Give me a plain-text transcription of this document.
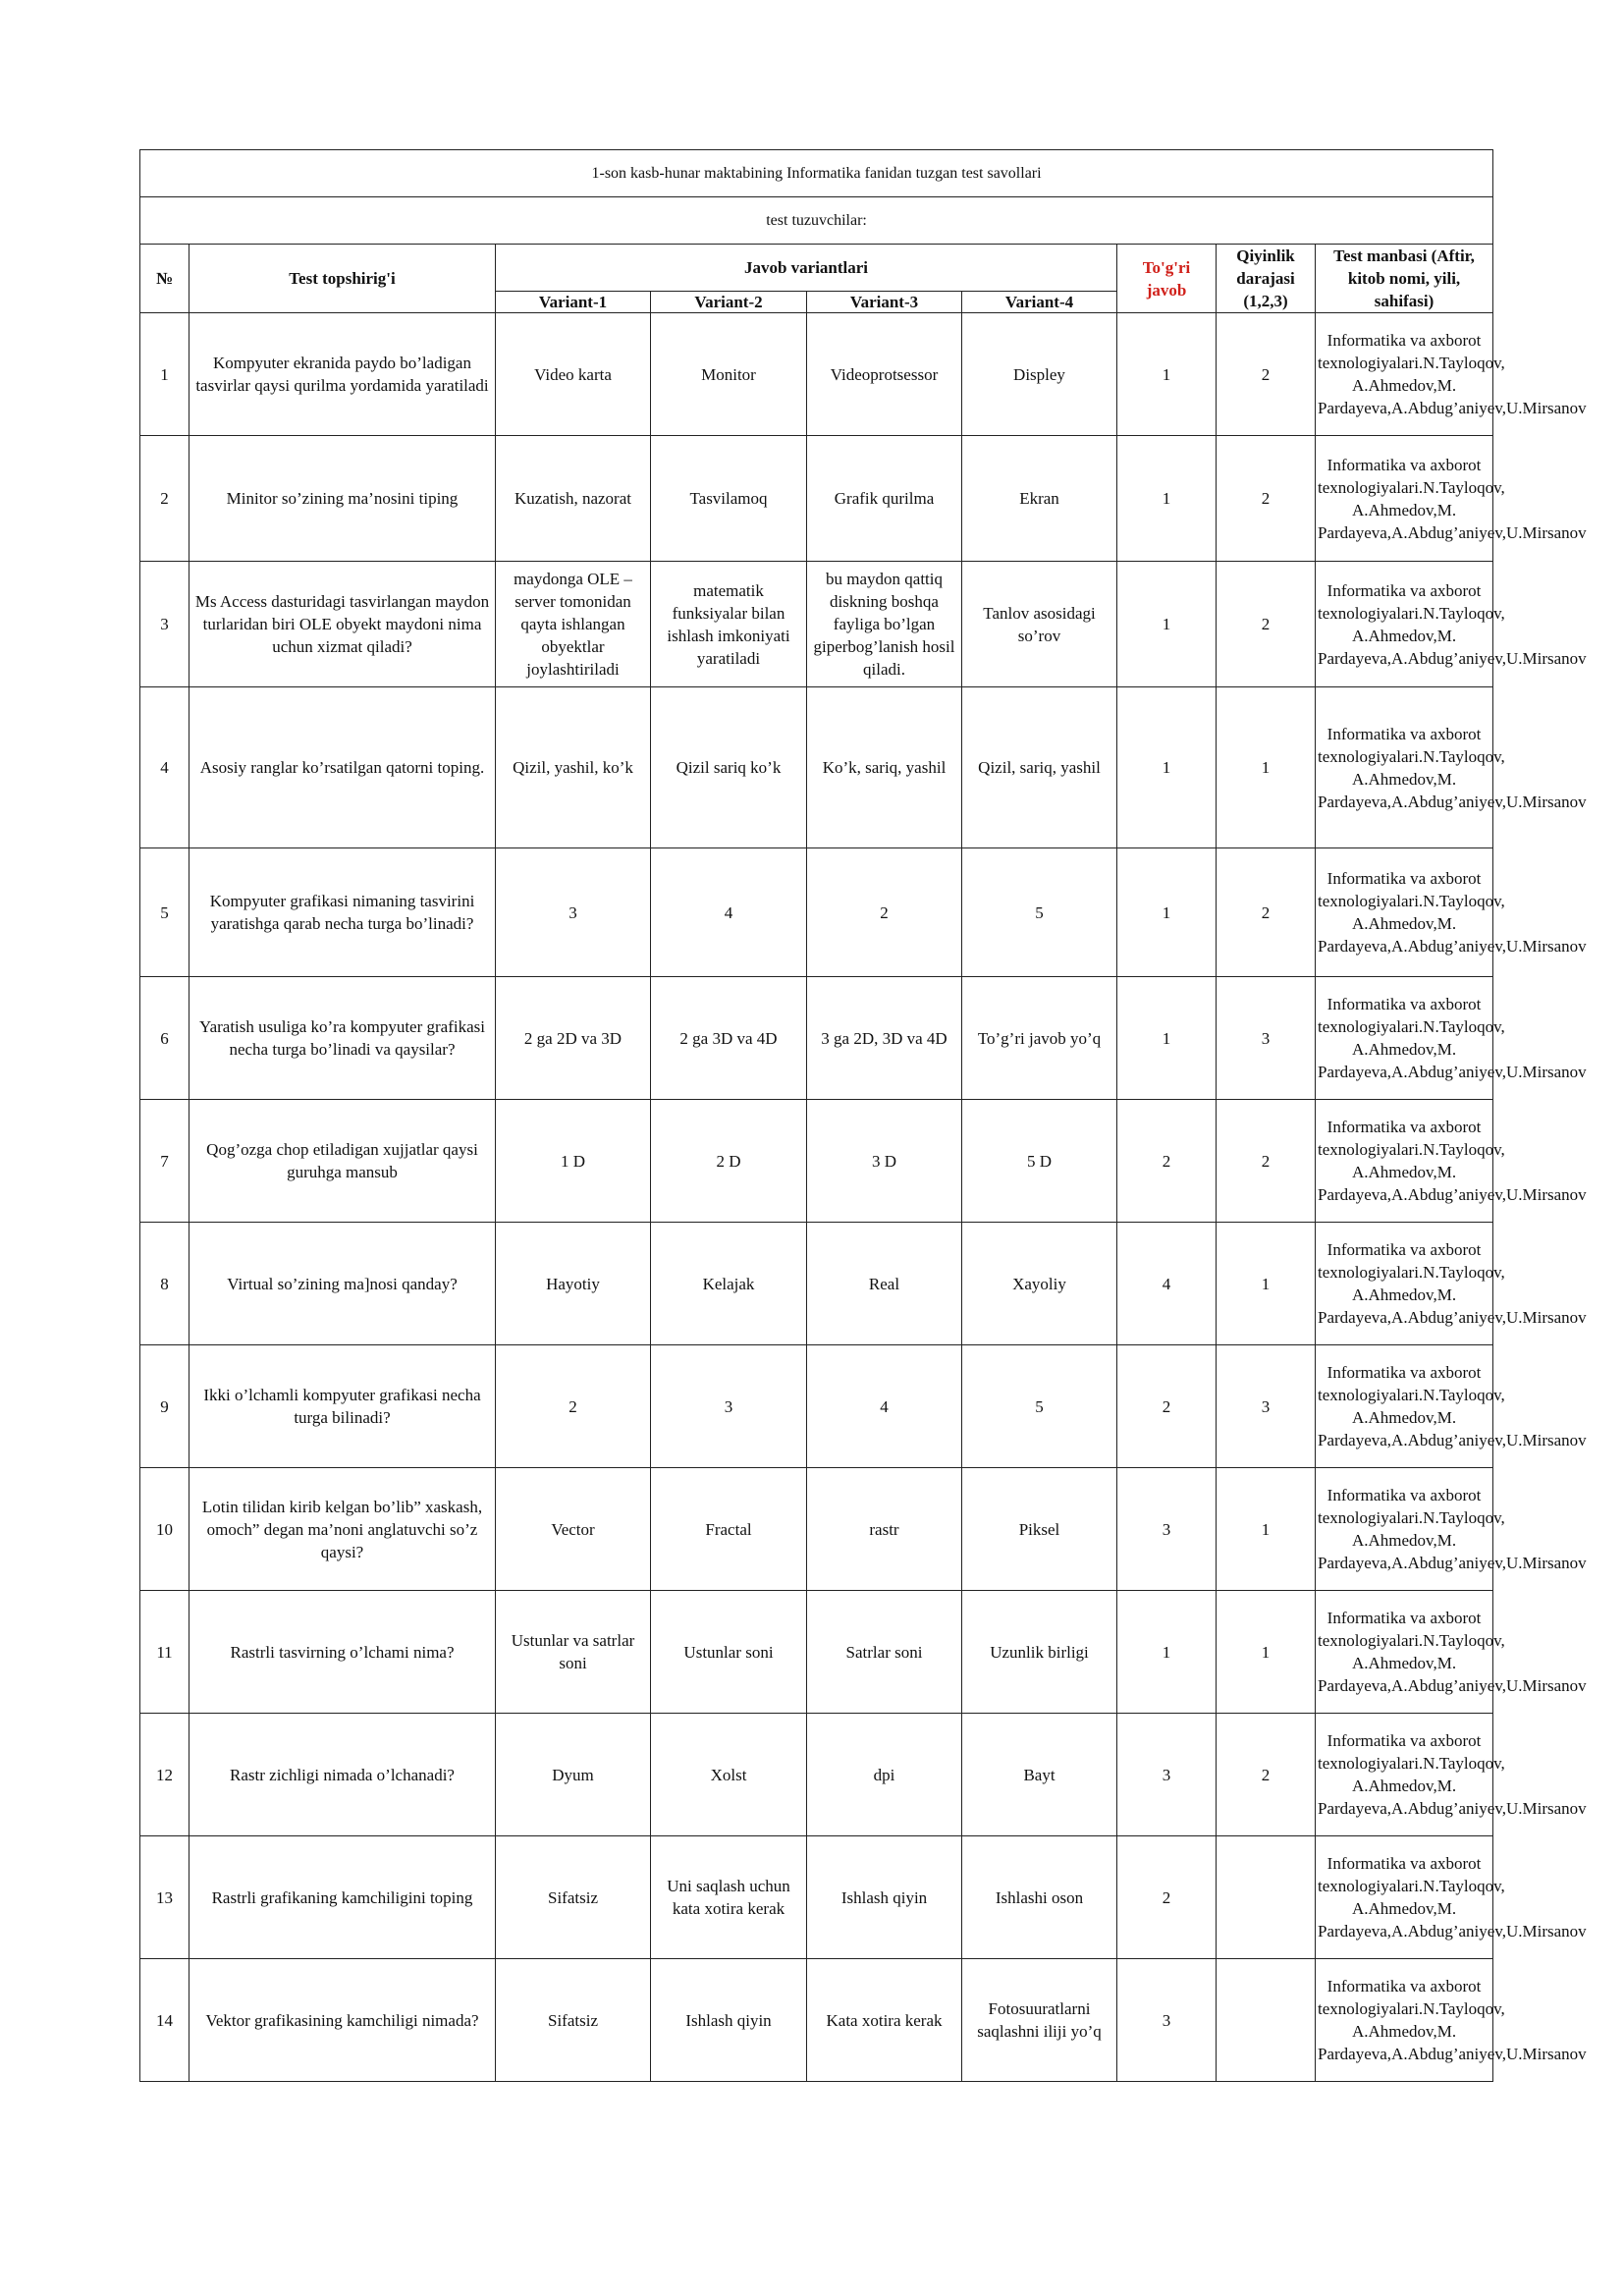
1-son kasb-hunar maktabining Informatika fanidan tuzgan test savollari								
test tuzuvchilar:								
№	Test topshirig'i	Javob variantlari				To'g'ri javob	Qiyinlik darajasi (1,2,3)	Test manbasi (Aftir, kitob nomi, yili, sahifasi)
		Variant-1	Variant-2	Variant-3	Variant-4			
1	Kompyuter ekranida paydo bo’ladigan tasvirlar qaysi qurilma yordamida yaratiladi	Video karta	Monitor	Videoprotsessor	Displey	1	2	Informatika va axborot texnologiyalari.N.Tayloqov, A.Ahmedov,M. Pardayeva,A.Abdug’aniyev,U.Mirsanov
2	Minitor so’zining ma’nosini tiping	Kuzatish, nazorat	Tasvilamoq	Grafik qurilma	Ekran	1	2	Informatika va axborot texnologiyalari.N.Tayloqov, A.Ahmedov,M. Pardayeva,A.Abdug’aniyev,U.Mirsanov
3	Ms Access dasturidagi tasvirlangan maydon turlaridan biri OLE obyekt maydoni nima uchun xizmat qiladi?	maydonga OLE – server tomonidan qayta ishlangan obyektlar joylashtiriladi	matematik funksiyalar bilan ishlash imkoniyati yaratiladi	bu maydon qattiq diskning boshqa fayliga bo’lgan giperbog’lanish hosil qiladi.	Tanlov asosidagi so’rov	1	2	Informatika va axborot texnologiyalari.N.Tayloqov, A.Ahmedov,M. Pardayeva,A.Abdug’aniyev,U.Mirsanov
4	Asosiy ranglar ko’rsatilgan qatorni toping.	Qizil, yashil, ko’k	Qizil sariq ko’k	Ko’k, sariq, yashil	Qizil, sariq, yashil	1	1	Informatika va axborot texnologiyalari.N.Tayloqov, A.Ahmedov,M. Pardayeva,A.Abdug’aniyev,U.Mirsanov
5	Kompyuter grafikasi nimaning tasvirini yaratishga qarab necha turga bo’linadi?	3	4	2	5	1	2	Informatika va axborot texnologiyalari.N.Tayloqov, A.Ahmedov,M. Pardayeva,A.Abdug’aniyev,U.Mirsanov
6	Yaratish usuliga ko’ra kompyuter grafikasi necha turga bo’linadi va qaysilar?	2 ga 2D va 3D	2 ga 3D va 4D	3 ga 2D, 3D va 4D	To’g’ri javob yo’q	1	3	Informatika va axborot texnologiyalari.N.Tayloqov, A.Ahmedov,M. Pardayeva,A.Abdug’aniyev,U.Mirsanov
7	Qog’ozga chop etiladigan xujjatlar qaysi guruhga mansub	1 D	2 D	3 D	5 D	2	2	Informatika va axborot texnologiyalari.N.Tayloqov, A.Ahmedov,M. Pardayeva,A.Abdug’aniyev,U.Mirsanov
8	Virtual so’zining ma]nosi qanday?	Hayotiy	Kelajak	Real	Xayoliy	4	1	Informatika va axborot texnologiyalari.N.Tayloqov, A.Ahmedov,M. Pardayeva,A.Abdug’aniyev,U.Mirsanov
9	Ikki o’lchamli kompyuter grafikasi necha turga bilinadi?	2	3	4	5	2	3	Informatika va axborot texnologiyalari.N.Tayloqov, A.Ahmedov,M. Pardayeva,A.Abdug’aniyev,U.Mirsanov
10	Lotin tilidan kirib kelgan bo’lib” xaskash, omoch” degan ma’noni anglatuvchi so’z qaysi?	Vector	Fractal	rastr	Piksel	3	1	Informatika va axborot texnologiyalari.N.Tayloqov, A.Ahmedov,M. Pardayeva,A.Abdug’aniyev,U.Mirsanov
11	Rastrli tasvirning o’lchami nima?	Ustunlar va satrlar soni	Ustunlar soni	Satrlar soni	Uzunlik birligi	1	1	Informatika va axborot texnologiyalari.N.Tayloqov, A.Ahmedov,M. Pardayeva,A.Abdug’aniyev,U.Mirsanov
12	Rastr zichligi nimada o’lchanadi?	Dyum	Xolst	dpi	Bayt	3	2	Informatika va axborot texnologiyalari.N.Tayloqov, A.Ahmedov,M. Pardayeva,A.Abdug’aniyev,U.Mirsanov
13	Rastrli grafikaning kamchiligini toping	Sifatsiz	Uni saqlash uchun kata xotira kerak	Ishlash qiyin	Ishlashi oson	2		Informatika va axborot texnologiyalari.N.Tayloqov, A.Ahmedov,M. Pardayeva,A.Abdug’aniyev,U.Mirsanov
14	Vektor grafikasining kamchiligi nimada?	Sifatsiz	Ishlash qiyin	Kata xotira kerak	Fotosuuratlarni saqlashni iliji yo’q	3		Informatika va axborot texnologiyalari.N.Tayloqov, A.Ahmedov,M. Pardayeva,A.Abdug’aniyev,U.Mirsanov
